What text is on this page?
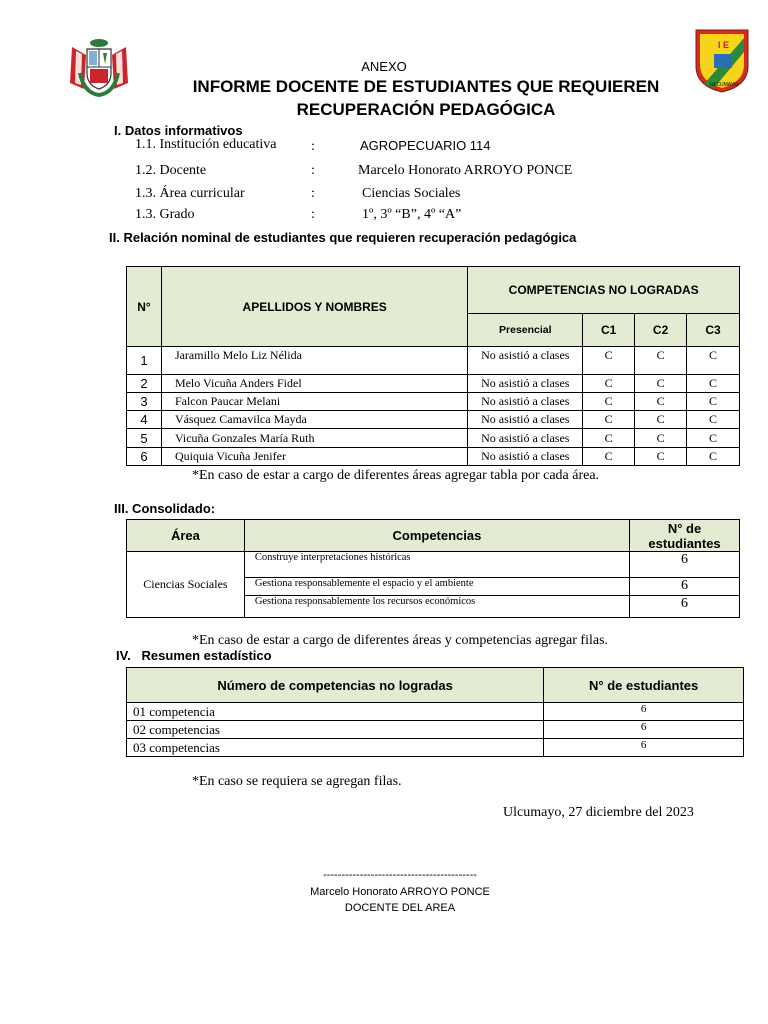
I E
ULCUMAYO
ANEXO
INFORME DOCENTE DE ESTUDIANTES QUE REQUIEREN
RECUPERACIÓN PEDAGÓGICA
I. Datos informativos
1.1. Institución educativa :	AGROPECUARIO 114
1.2. Docente	:	Marcelo Honorato ARROYO PONCE
1.3. Área curricular	:	Ciencias Sociales
1.3. Grado	:	1º, 3º “B”, 4º “A”
II. Relación nominal de estudiantes que requieren recuperación pedagógica
N°	APELLIDOS Y NOMBRES	COMPETENCIAS NO LOGRADAS			
		Presencial	C1	C2	C3
1	Jaramillo Melo Liz Nélida	No asistió a clases	C	C	C
2	Melo Vicuña Anders Fidel	No asistió a clases	C	C	C
3	Falcon Paucar Melani	No asistió a clases	C	C	C
4	Vásquez Camavilca Mayda	No asistió a clases	C	C	C
5	Vicuña Gonzales María Ruth	No asistió a clases	C	C	C
6	Quiquia Vicuña Jenifer	No asistió a clases	C	C	C
*En caso de estar a cargo de diferentes áreas agregar tabla por cada área.
III. Consolidado:
Área	Competencias	N° de estudiantes
Ciencias Sociales	Construye interpretaciones históricas	6
	Gestiona responsablemente el espacio y el ambiente	6
	Gestiona responsablemente los recursos económicos	6
*En caso de estar a cargo de diferentes áreas y competencias agregar filas.
IV.   Resumen estadístico
Número de competencias no logradas	N° de estudiantes
01 competencia	6
02 competencias	6
03 competencias	6
*En caso se requiera se agregan filas.
Ulcumayo, 27 diciembre del 2023
------------------------------------------
Marcelo Honorato ARROYO PONCE
DOCENTE DEL AREA
